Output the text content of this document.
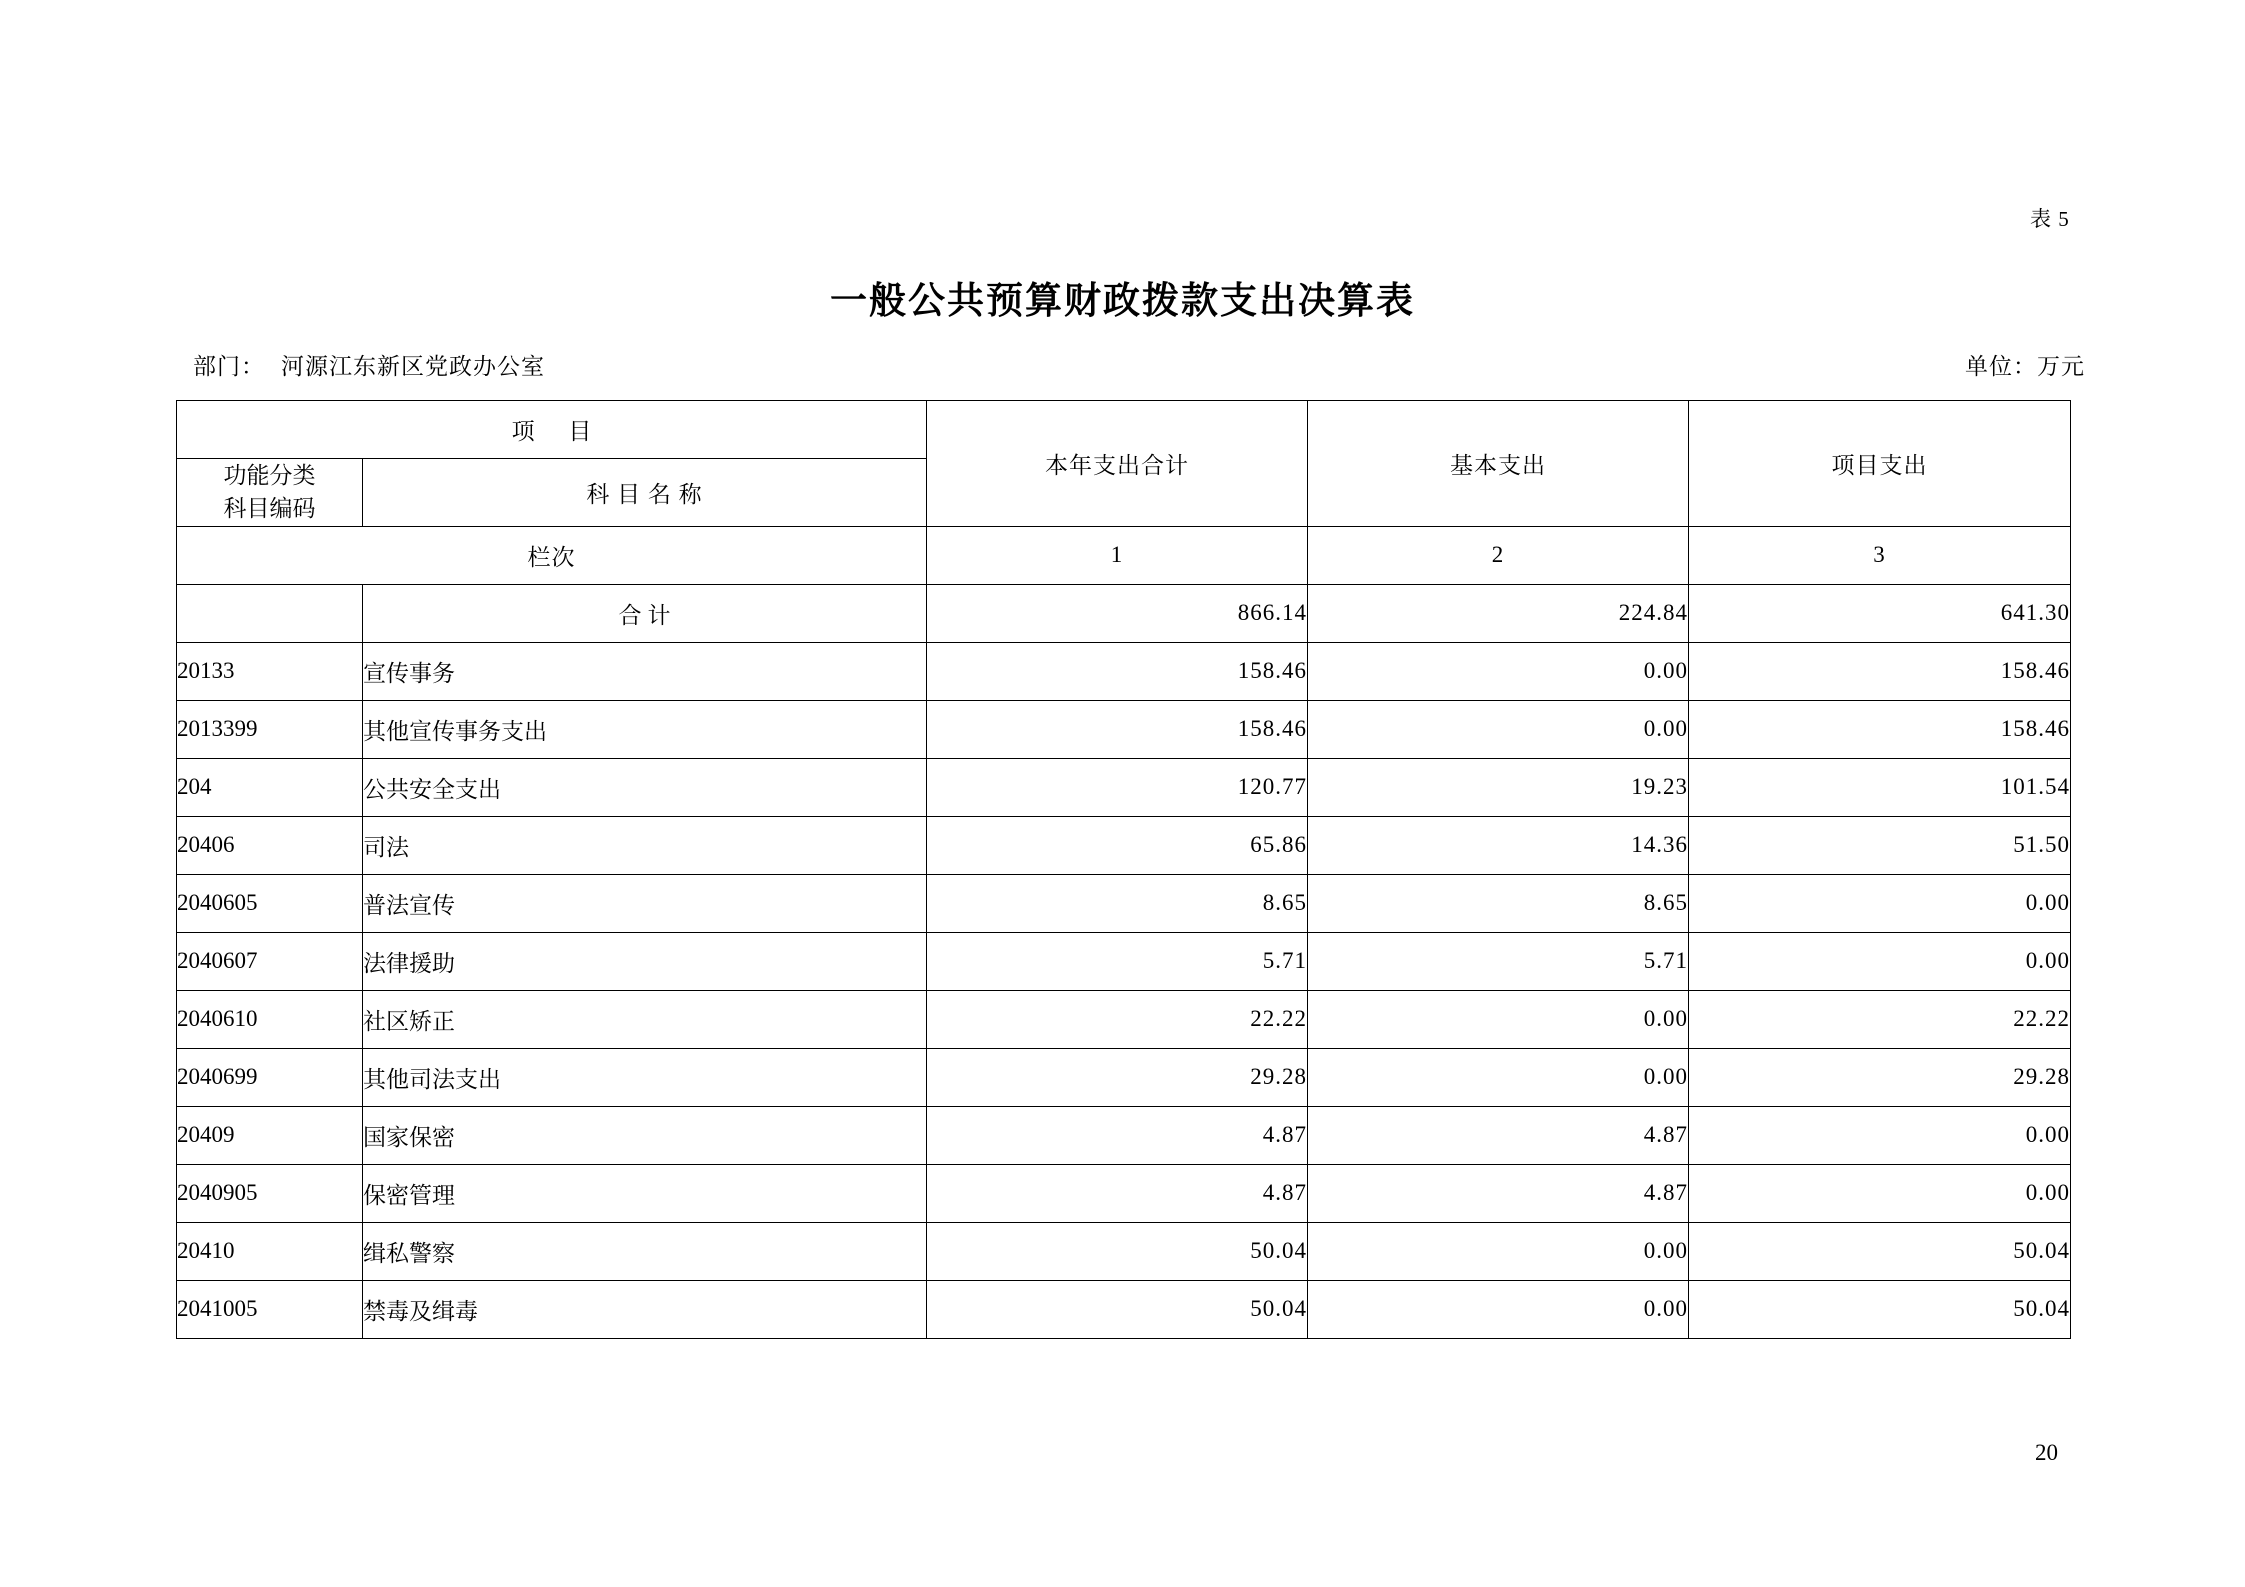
表 5
一般公共预算财政拨款支出决算表
部门： 河源江东新区党政办公室	单位：万元
项 目		本年支出合计	基本支出	项目支出

功能分类
科目编码	科 目 名 称			
栏次		1	2	3
	合计	866.14	224.84	641.30
20133	宣传事务	158.46	0.00	158.46
2013399	其他宣传事务支出	158.46	0.00	158.46
204	公共安全支出	120.77	19.23	101.54
20406	司法	65.86	14.36	51.50
2040605	普法宣传	8.65	8.65	0.00
2040607	法律援助	5.71	5.71	0.00
2040610	社区矫正	22.22	0.00	22.22
2040699	其他司法支出	29.28	0.00	29.28
20409	国家保密	4.87	4.87	0.00
2040905	保密管理	4.87	4.87	0.00
20410	缉私警察	50.04	0.00	50.04
2041005	禁毒及缉毒	50.04	0.00	50.04
20
